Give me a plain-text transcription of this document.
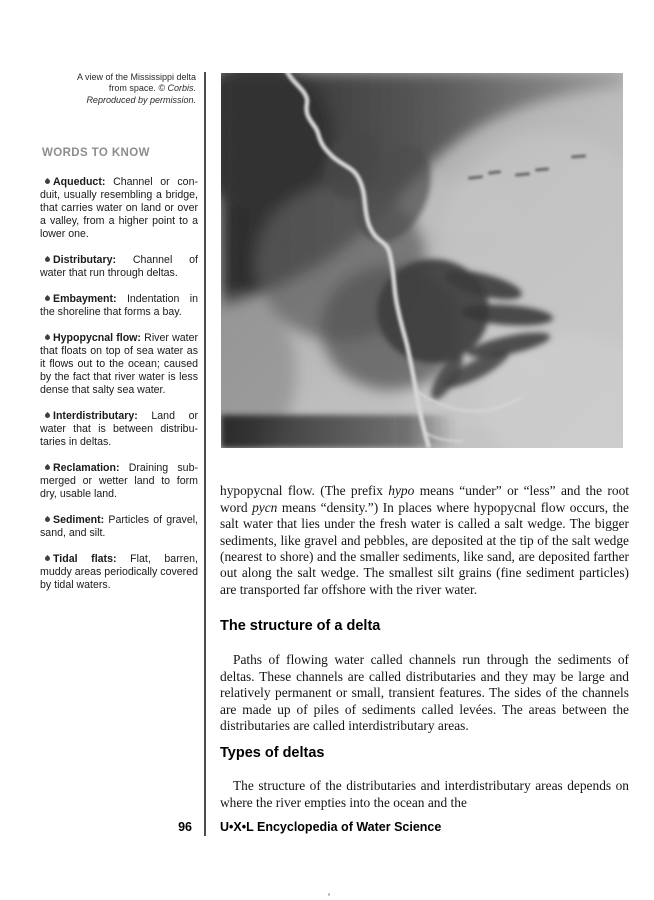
A view of the Mississippi delta
from space. © Corbis.
Reproduced by permission.
WORDS TO KNOW

Aqueduct: Channel or conduit, usually resembling a bridge, that carries water on land or over a valley, from a higher point to a lower one.

Distributary: Channel of water that run through deltas.

Embayment: Indentation in the shoreline that forms a bay.

Hypopycnal flow: River water that floats on top of sea water as it flows out to the ocean; caused by the fact that river water is less dense that salty sea water.

Interdistributary: Land or water that is between distributaries in deltas.

Reclamation: Draining submerged or wetter land to form dry, usable land.

Sediment: Particles of gravel, sand, and silt.

Tidal flats: Flat, barren, muddy areas periodically covered by tidal waters.

hypopycnal flow. (The prefix hypo means “under” or “less” and the root word pycn means “density.”) In places where hypopycnal flow occurs, the salt water that lies under the fresh water is called a salt wedge. The bigger sediments, like gravel and pebbles, are deposited at the tip of the salt wedge (nearest to shore) and the smaller sediments, like sand, are deposited farther out along the salt wedge. The smallest silt grains (fine sediment particles) are transported far offshore with the river water.

The structure of a delta

Paths of flowing water called channels run through the sediments of deltas. These channels are called distributaries and they may be large and relatively permanent or small, transient features. The sides of the channels are made up of piles of sediments called levées. The areas between the distributaries are called interdistributary areas.

Types of deltas

The structure of the distributaries and interdistributary areas depends on where the river empties into the ocean and the

96 U•X•L Encyclopedia of Water Science
